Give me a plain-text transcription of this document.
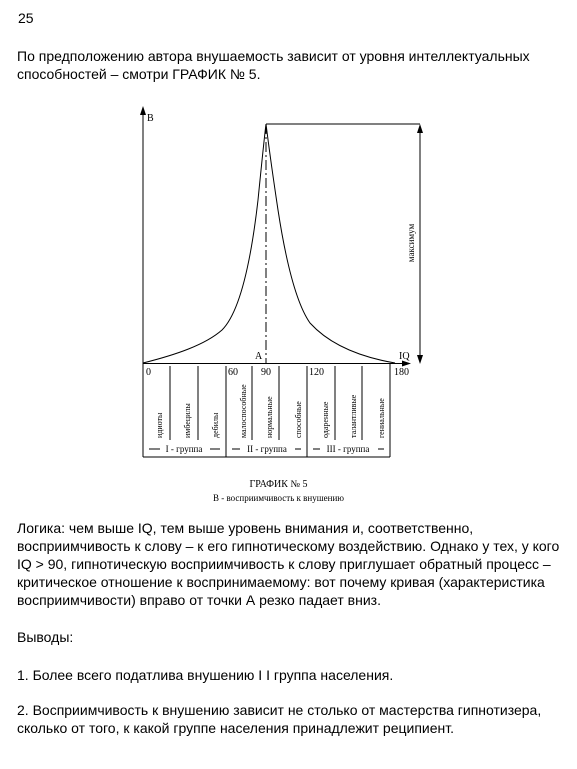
25

По предположению автора внушаемость зависит от уровня интеллектуальных способностей – смотри ГРАФИК № 5.

В
А	IQ
максимум
0	60 90	120	180
идиоты имбецилы дебилы малоспособные нормальные	способные одаренные талантливые гениальные
I - группа	II - группа	III - группа
ГРАФИК № 5
В - восприимчивость к внушению

Логика: чем выше IQ, тем выше уровень внимания и, соответственно, восприимчивость к слову – к его гипнотическому воздействию. Однако у тех, у кого IQ > 90, гипнотическую восприимчивость к слову приглушает обратный процесс – критическое отношение к воспринимаемому: вот почему кривая (характеристика восприимчивости) вправо от точки А резко падает вниз.

Выводы:

1. Более всего податлива внушению I I группа населения.

2. Восприимчивость к внушению зависит не столько от мастерства гипнотизера, сколько от того, к какой группе населения принадлежит реципиент.
